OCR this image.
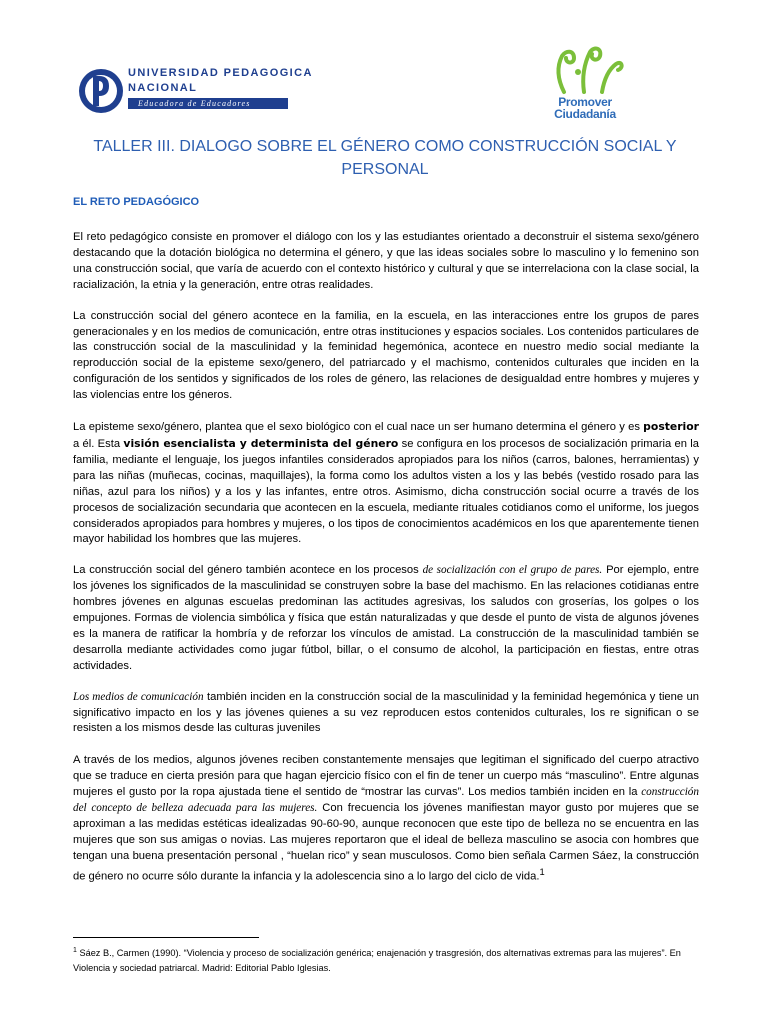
UNIVERSIDAD PEDAGOGICA
NACIONAL
Educadora de Educadores	Promover
Ciudadanía
TALLER III. DIALOGO SOBRE EL GÉNERO COMO CONSTRUCCIÓN SOCIAL Y PERSONAL
EL RETO PEDAGÓGICO

El reto pedagógico consiste en promover el diálogo con los y las estudiantes orientado a deconstruir el sistema sexo/género destacando que la dotación biológica no determina el género, y que las ideas sociales sobre lo masculino y lo femenino son una construcción social, que varía de acuerdo con el contexto histórico y cultural y que se interrelaciona con la clase social, la racialización, la etnia y la generación, entre otras realidades.

La construcción social del género acontece en la familia, en la escuela, en las interacciones entre los grupos de pares generacionales y en los medios de comunicación, entre otras instituciones y espacios sociales. Los contenidos particulares de las construcción social de la masculinidad y la feminidad hegemónica, acontece en nuestro medio social mediante la reproducción social de la episteme sexo/genero, del patriarcado y el machismo, contenidos culturales que inciden en la configuración de los sentidos y significados de los roles de género, las relaciones de desigualdad entre hombres y mujeres y las violencias entre los géneros.

La episteme sexo/género, plantea que el sexo biológico con el cual nace un ser humano determina el género y es posterior a él. Esta visión esencialista y determinista del género se configura en los procesos de socialización primaria en la familia, mediante el lenguaje, los juegos infantiles considerados apropiados para los niños (carros, balones, herramientas) y para las niñas (muñecas, cocinas, maquillajes), la forma como los adultos visten a los y las bebés (vestido rosado para las niñas, azul para los niños) y a los y las infantes, entre otros. Asimismo, dicha construcción social ocurre a través de los procesos de socialización secundaria que acontecen en la escuela, mediante rituales cotidianos como el uniforme, los juegos considerados apropiados para hombres y mujeres, o los tipos de conocimientos académicos en los que aparentemente tienen mayor habilidad los hombres que las mujeres.

La construcción social del género también acontece en los procesos de socialización con el grupo de pares. Por ejemplo, entre los jóvenes los significados de la masculinidad se construyen sobre la base del machismo. En las relaciones cotidianas entre hombres jóvenes en algunas escuelas predominan las actitudes agresivas, los saludos con groserías, los golpes o los empujones. Formas de violencia simbólica y física que están naturalizadas y que desde el punto de vista de algunos jóvenes es la manera de ratificar la hombría y de reforzar los vínculos de amistad. La construcción de la masculinidad también se desarrolla mediante actividades como jugar fútbol, billar, o el consumo de alcohol, la participación en fiestas, entre otras actividades.

Los medios de comunicación también inciden en la construcción social de la masculinidad y la feminidad hegemónica y tiene un significativo impacto en los y las jóvenes quienes a su vez reproducen estos contenidos culturales, los re significan o se resisten a los mismos desde las culturas juveniles

A través de los medios, algunos jóvenes reciben constantemente mensajes que legitiman el significado del cuerpo atractivo que se traduce en cierta presión para que hagan ejercicio físico con el fin de tener un cuerpo más “masculino”. Entre algunas mujeres el gusto por la ropa ajustada tiene el sentido de “mostrar las curvas”. Los medios también inciden en la construcción del concepto de belleza adecuada para las mujeres. Con frecuencia los jóvenes manifiestan mayor gusto por mujeres que se aproximan a las medidas estéticas idealizadas 90-60-90, aunque reconocen que este tipo de belleza no se encuentra en las mujeres que son sus amigas o novias. Las mujeres reportaron que el ideal de belleza masculino se asocia con hombres que tengan una buena presentación personal , “huelan rico” y sean musculosos. Como bien señala Carmen Sáez, la construcción de género no ocurre sólo durante la infancia y la adolescencia sino a lo largo del ciclo de vida.$^1$

$^1$ Sáez B., Carmen (1990). “Violencia y proceso de socialización genérica; enajenación y trasgresión, dos alternativas extremas para las mujeres”. En Violencia y sociedad patriarcal. Madrid: Editorial Pablo Iglesias.
